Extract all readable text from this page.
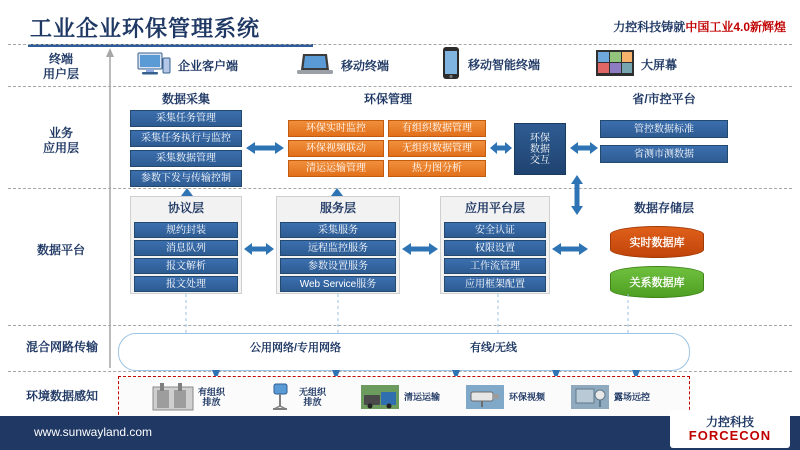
工业企业环保管理系统	力控科技铸就中国工业4.0新辉煌
终端
用户层
业务
应用层
数据平台
混合网路传输
环境数据感知
企业客户端	移动终端	移动智能终端	大屏幕
数据采集
采集任务管理
采集任务执行与监控
采集数据管理
参数下发与传输控制
环保管理
环保实时监控
环保视频联动
清运运输管理
有组织数据管理
无组织数据管理
热力图分析
环保
数据
交互
省/市控平台
管控数据标准
省测市测数据
协议层
规约封装
消息队列
报文解析
报文处理
服务层
采集服务
远程监控服务
参数设置服务
Web Service服务
应用平台层
安全认证
权限设置
工作流管理
应用框架配置
数据存储层
实时数据库
关系数据库
公用网络/专用网络	有线/无线
有组织
排放
无组织
排放	清运运输	环保视频	露场远控
www.sunwayland.com
力控科技
FORCECON
